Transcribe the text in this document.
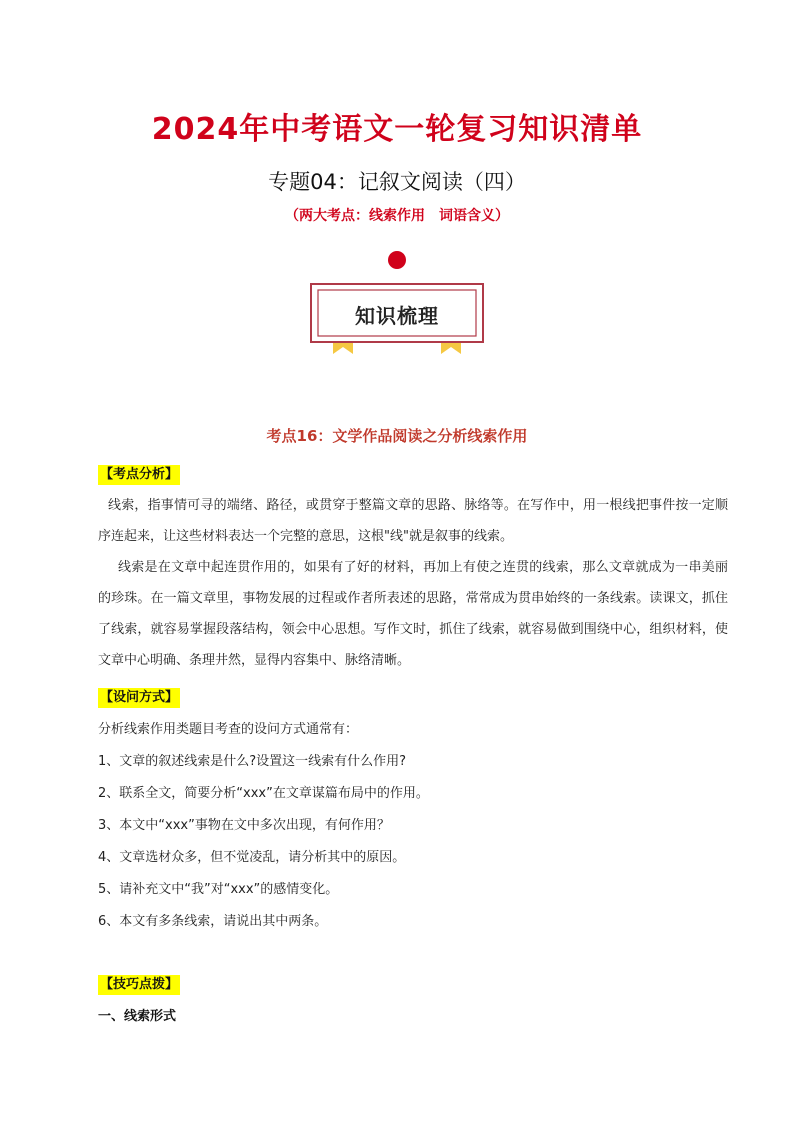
2024年中考语文一轮复习知识清单
专题04：记叙文阅读（四）
（两大考点：线索作用　词语含义）
知识梳理
考点16：文学作品阅读之分析线索作用
【考点分析】
线索，指事情可寻的端绪、路径，或贯穿于整篇文章的思路、脉络等。在写作中，用一根线把事件按一定顺序连起来，让这些材料表达一个完整的意思，这根"线"就是叙事的线索。
线索是在文章中起连贯作用的，如果有了好的材料，再加上有使之连贯的线索，那么文章就成为一串美丽的珍珠。在一篇文章里，事物发展的过程或作者所表述的思路，常常成为贯串始终的一条线索。读课文，抓住了线索，就容易掌握段落结构，领会中心思想。写作文时，抓住了线索，就容易做到围绕中心，组织材料，使文章中心明确、条理井然，显得内容集中、脉络清晰。
【设问方式】
分析线索作用类题目考查的设问方式通常有：
1、文章的叙述线索是什么?设置这一线索有什么作用?
2、联系全文，简要分析“xxx”在文章谋篇布局中的作用。
3、本文中“xxx”事物在文中多次出现，有何作用？
4、文章选材众多，但不觉凌乱，请分析其中的原因。
5、请补充文中“我”对“xxx”的感情变化。
6、本文有多条线索，请说出其中两条。
【技巧点拨】
一、线索形式
